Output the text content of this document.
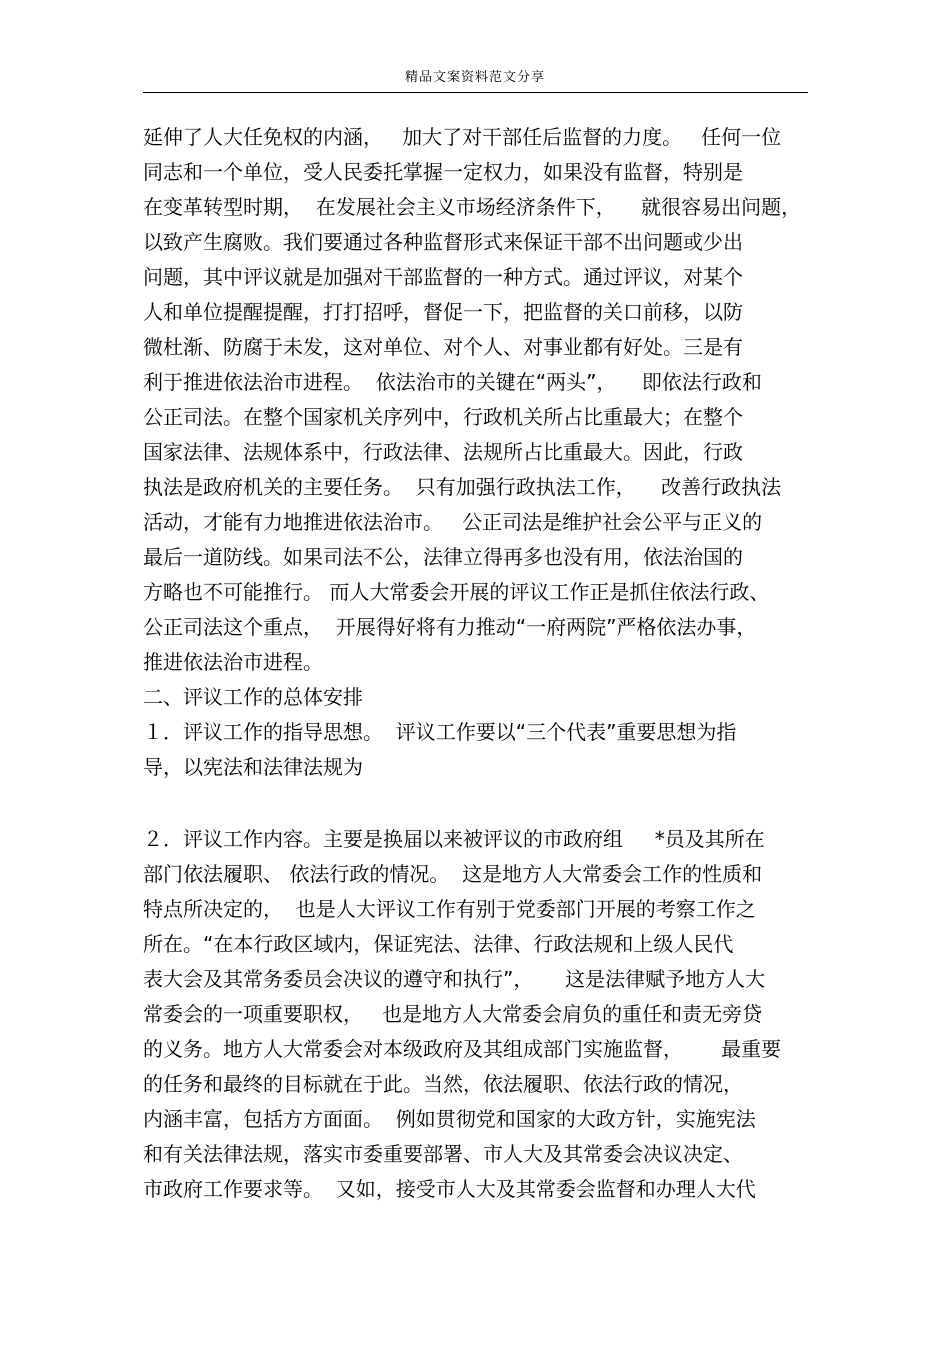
精品文案资料范文分享
延伸了人大任免权的内涵，   加大了对干部任后监督的力度。   任何一位
同志和一个单位，受人民委托掌握一定权力，如果没有监督，特别是
在变革转型时期，  在发展社会主义市场经济条件下，    就很容易出问题，
以致产生腐败。我们要通过各种监督形式来保证干部不出问题或少出
问题，其中评议就是加强对干部监督的一种方式。通过评议，对某个
人和单位提醒提醒，打打招呼，督促一下，把监督的关口前移，以防
微杜渐、防腐于未发，这对单位、对个人、对事业都有好处。三是有
利于推进依法治市进程。  依法治市的关键在“两头”，    即依法行政和
公正司法。在整个国家机关序列中，行政机关所占比重最大；在整个
国家法律、法规体系中，行政法律、法规所占比重最大。因此，行政
执法是政府机关的主要任务。  只有加强行政执法工作，    改善行政执法
活动，才能有力地推进依法治市。   公正司法是维护社会公平与正义的
最后一道防线。如果司法不公，法律立得再多也没有用，依法治国的
方略也不可能推行。 而人大常委会开展的评议工作正是抓住依法行政、
公正司法这个重点，  开展得好将有力推动“一府两院”严格依法办事，
推进依法治市进程。
二、评议工作的总体安排
１．评议工作的指导思想。  评议工作要以“三个代表”重要思想为指
导，以宪法和法律法规为
２．评议工作内容。主要是换届以来被评议的市政府组     *员及其所在
部门依法履职、 依法行政的情况。  这是地方人大常委会工作的性质和
特点所决定的，  也是人大评议工作有别于党委部门开展的考察工作之
所在。“在本行政区域内，保证宪法、法律、行政法规和上级人民代
表大会及其常务委员会决议的遵守和执行”，     这是法律赋予地方人大
常委会的一项重要职权，   也是地方人大常委会肩负的重任和责无旁贷
的义务。地方人大常委会对本级政府及其组成部门实施监督，      最重要
的任务和最终的目标就在于此。当然，依法履职、依法行政的情况，
内涵丰富，包括方方面面。  例如贯彻党和国家的大政方针，实施宪法
和有关法律法规，落实市委重要部署、市人大及其常委会决议决定、
市政府工作要求等。  又如，接受市人大及其常委会监督和办理人大代
